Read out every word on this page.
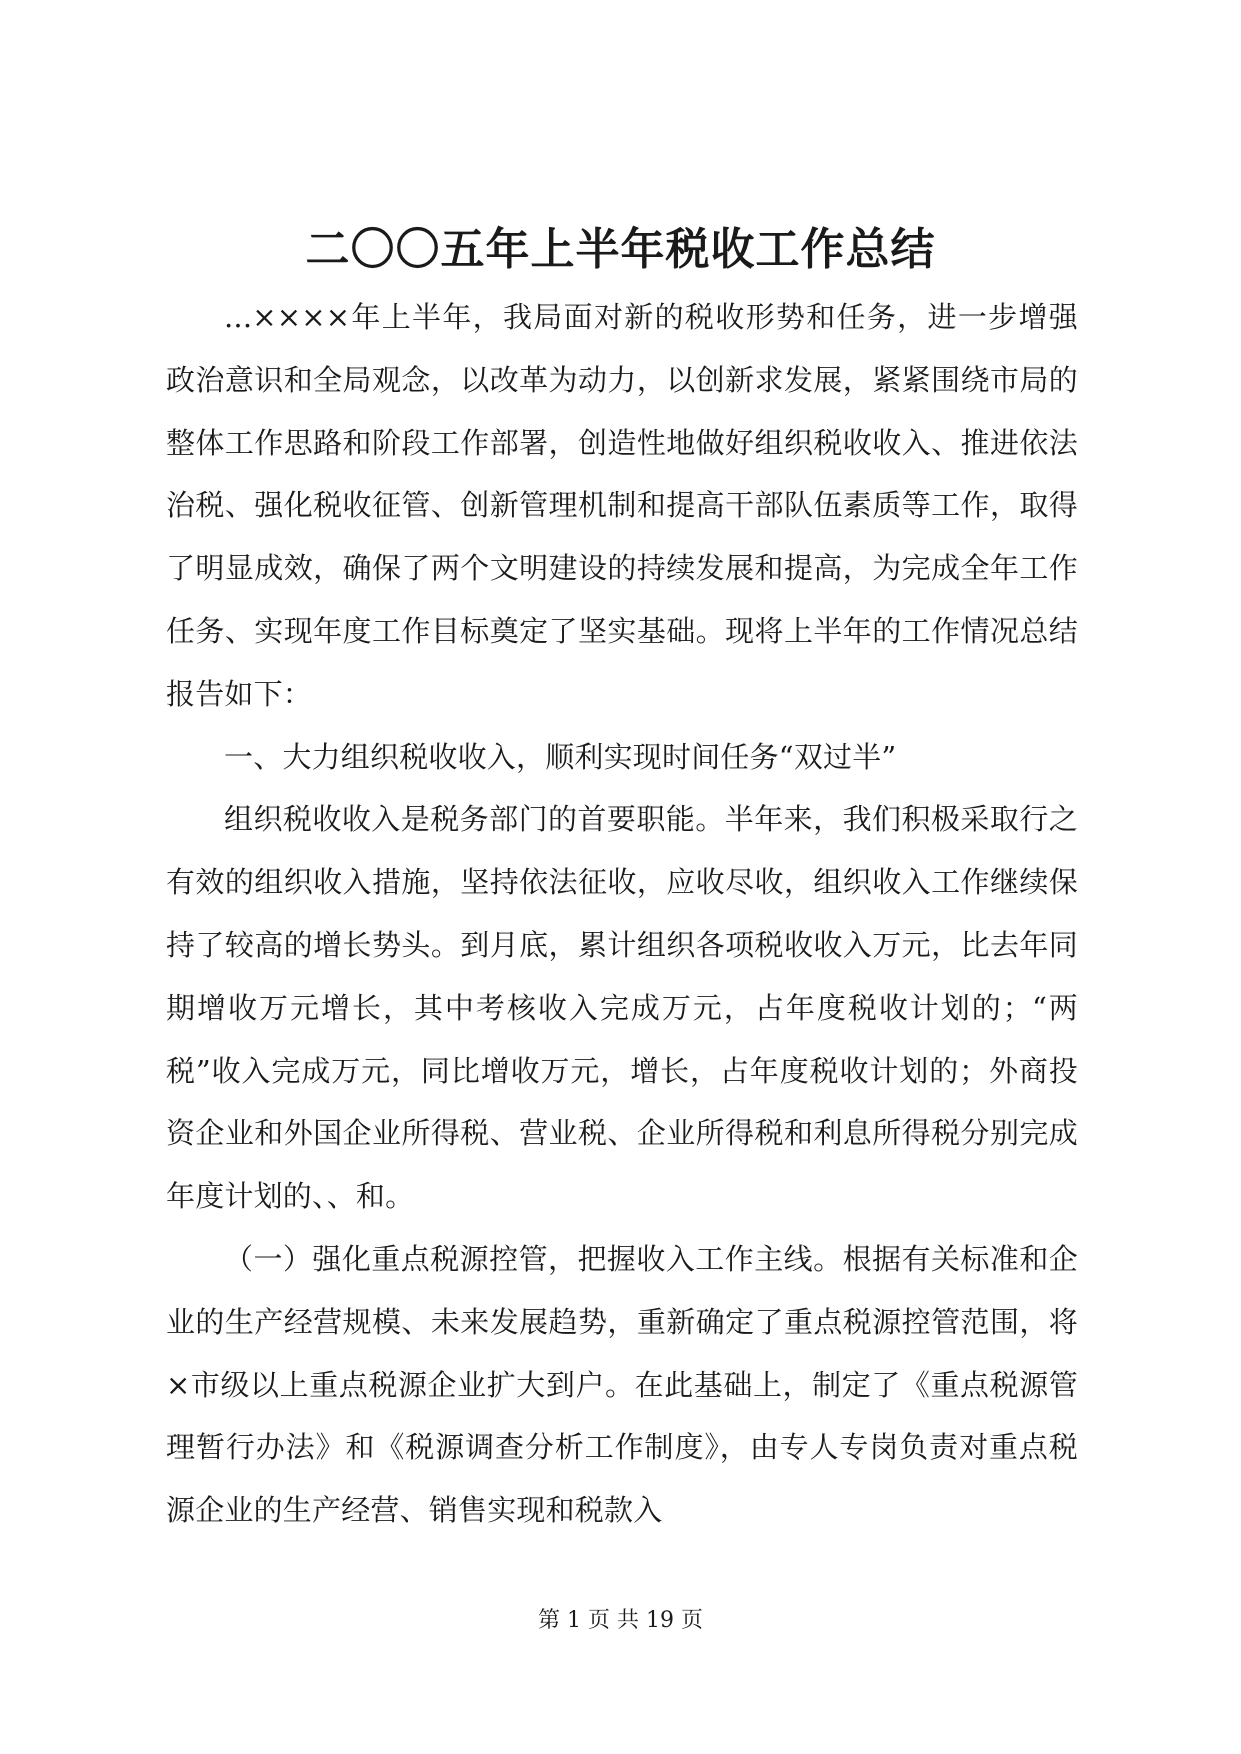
二〇〇五年上半年税收工作总结

...××××年上半年，我局面对新的税收形势和任务，进一步增强政治意识和全局观念，以改革为动力，以创新求发展，紧紧围绕市局的整体工作思路和阶段工作部署，创造性地做好组织税收收入、推进依法治税、强化税收征管、创新管理机制和提高干部队伍素质等工作，取得了明显成效，确保了两个文明建设的持续发展和提高，为完成全年工作任务、实现年度工作目标奠定了坚实基础。现将上半年的工作情况总结报告如下：

一、大力组织税收收入，顺利实现时间任务“双过半”

组织税收收入是税务部门的首要职能。半年来，我们积极采取行之有效的组织收入措施，坚持依法征收，应收尽收，组织收入工作继续保持了较高的增长势头。到月底，累计组织各项税收收入万元，比去年同期增收万元增长，其中考核收入完成万元，占年度税收计划的；“两税”收入完成万元，同比增收万元，增长，占年度税收计划的；外商投资企业和外国企业所得税、营业税、企业所得税和利息所得税分别完成年度计划的、、和。

（一）强化重点税源控管，把握收入工作主线。根据有关标准和企业的生产经营规模、未来发展趋势，重新确定了重点税源控管范围，将×市级以上重点税源企业扩大到户。在此基础上，制定了《重点税源管理暂行办法》和《税源调查分析工作制度》，由专人专岗负责对重点税源企业的生产经营、销售实现和税款入

第 1 页 共 19 页
